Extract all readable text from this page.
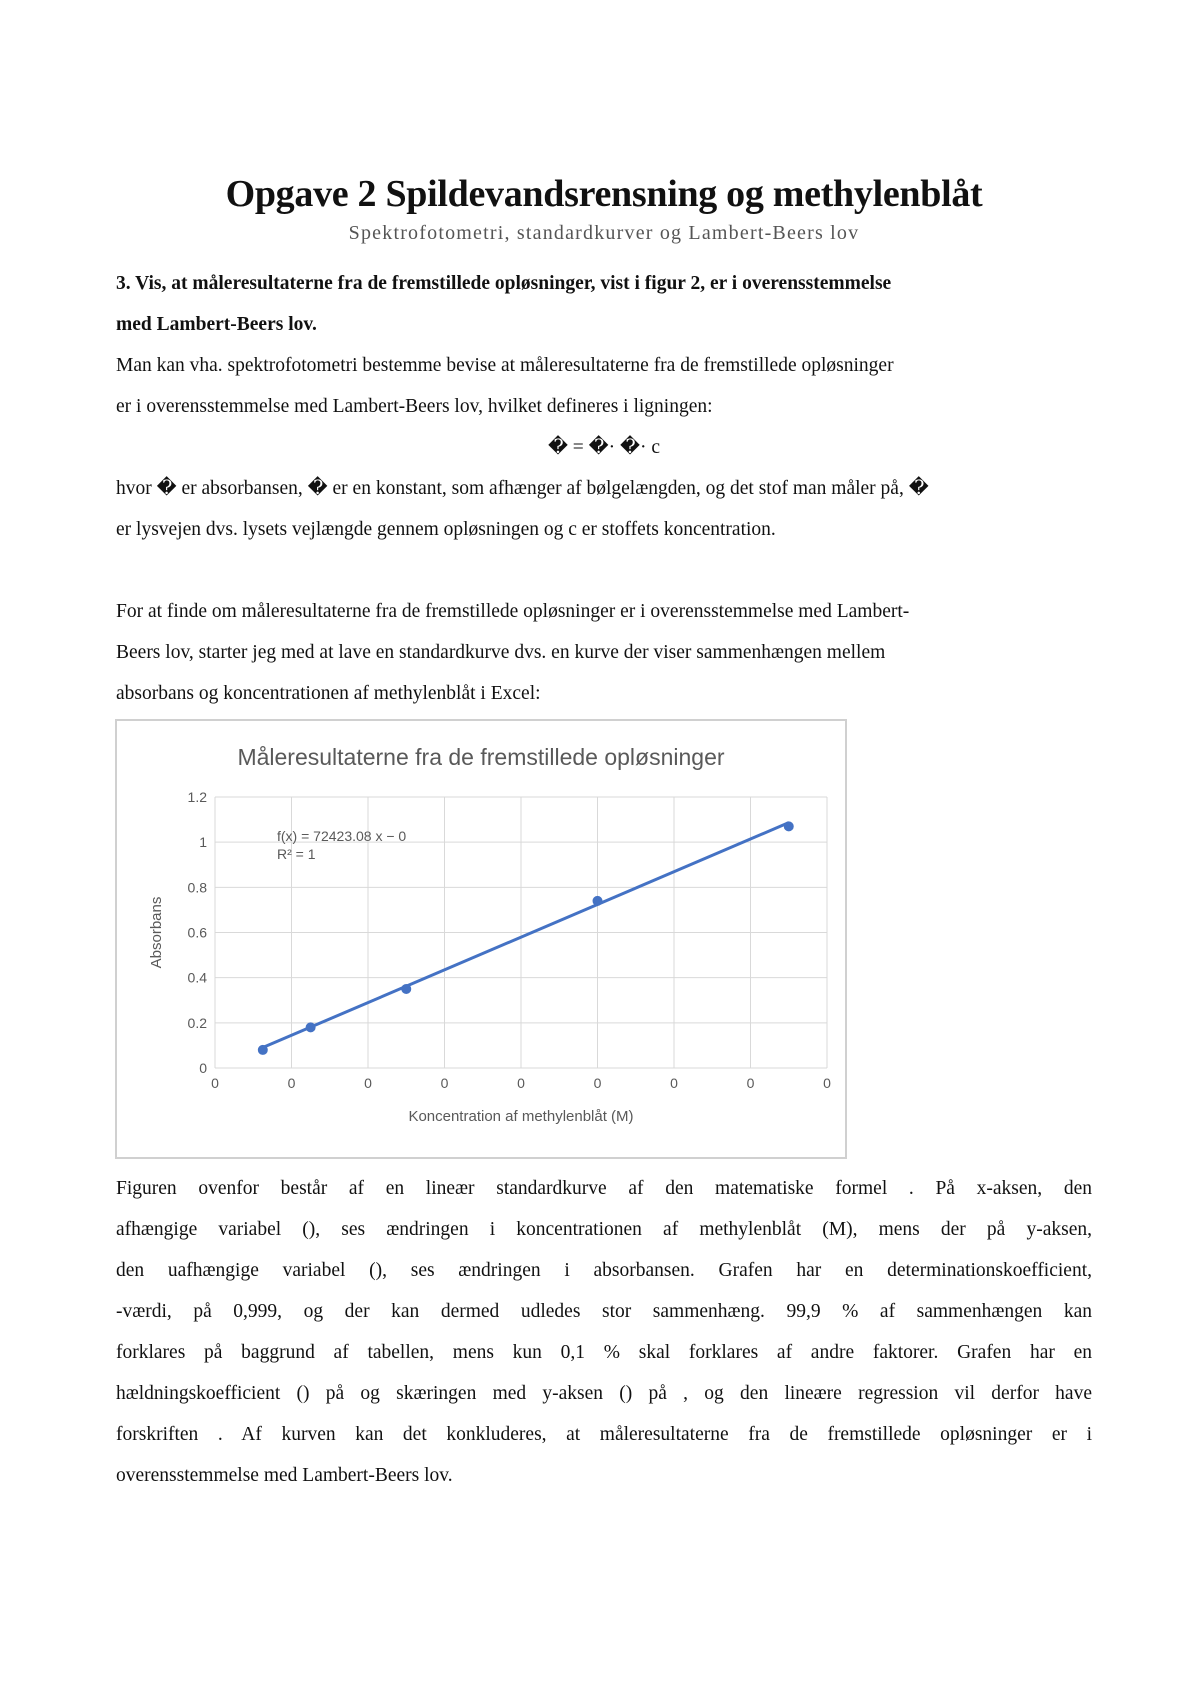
Opgave 2 Spildevandsrensning og methylenblåt
Spektrofotometri, standardkurver og Lambert-Beers lov
3. Vis, at måleresultaterne fra de fremstillede opløsninger, vist i figur 2, er i overensstemmelse
med Lambert-Beers lov.
Man kan vha. spektrofotometri bestemme bevise at måleresultaterne fra de fremstillede opløsninger
er i overensstemmelse med Lambert-Beers lov, hvilket defineres i ligningen:
� = �· �· c
hvor � er absorbansen, � er en konstant, som afhænger af bølgelængden, og det stof man måler på, �
er lysvejen dvs. lysets vejlængde gennem opløsningen og c er stoffets koncentration.
For at finde om måleresultaterne fra de fremstillede opløsninger er i overensstemmelse med Lambert-
Beers lov, starter jeg med at lave en standardkurve dvs. en kurve der viser sammenhængen mellem
absorbans og koncentrationen af methylenblåt i Excel:
Figuren ovenfor består af en lineær standardkurve af den matematiske formel . På x-aksen, den
afhængige variabel (), ses ændringen i koncentrationen af methylenblåt (M), mens der på y-aksen,
den uafhængige variabel (), ses ændringen i absorbansen. Grafen har en determinationskoefficient,
-værdi, på 0,999, og der kan dermed udledes stor sammenhæng. 99,9 % af sammenhængen kan
forklares på baggrund af tabellen, mens kun 0,1 % skal forklares af andre faktorer. Grafen har en
hældningskoefficient () på og skæringen med y-aksen () på , og den lineære regression vil derfor have
forskriften . Af kurven kan det konkluderes, at måleresultaterne fra de fremstillede opløsninger er i
overensstemmelse med Lambert-Beers lov.
Måleresultaterne fra de fremstillede opløsninger
0
0.2
0.4
0.6
0.8
1
1.2
0	0	0	0	0	0	0	0	0
f(x) = 72423.08 x − 0
R² = 1
Koncentration af methylenblåt (M)
Absorbans
